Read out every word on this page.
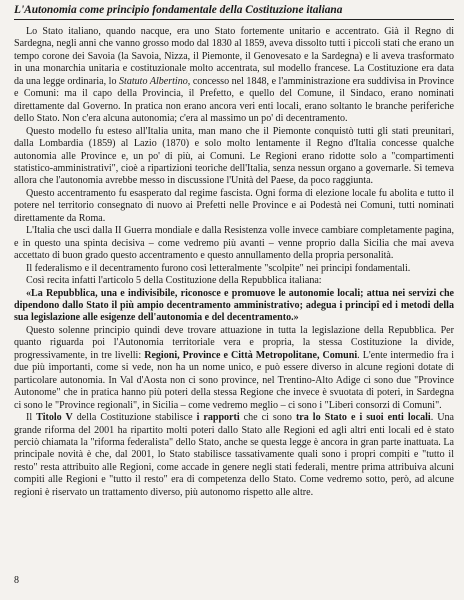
L'Autonomia come principio fondamentale della Costituzione italiana

Lo Stato italiano, quando nacque, era uno Stato fortemente unitario e accentrato. Già il Regno di Sardegna, negli anni che vanno grosso modo dal 1830 al 1859, aveva dissolto tutti i piccoli stati che erano un tempo corone dei Savoia (la Savoia, Nizza, il Piemonte, il Genovesato e la Sardegna) e li aveva trasformato in una monarchia unitaria e costituzionale molto accentrata, sul modello francese. La Costituzione era data da una legge ordinaria, lo Statuto Albertino, concesso nel 1848, e l'amministrazione era suddivisa in Province e Comuni: ma il capo della Provincia, il Prefetto, e quello del Comune, il Sindaco, erano nominati direttamente dal Governo. In pratica non erano ancora veri enti locali, erano soltanto le branche periferiche dello Stato. Non c'era alcuna autonomia; c'era al massimo un po' di decentramento.

Questo modello fu esteso all'Italia unita, man mano che il Piemonte conquistò tutti gli stati preunitari, dalla Lombardia (1859) al Lazio (1870) e solo molto lentamente il Regno d'Italia concesse qualche autonomia alle Province e, un po' di più, ai Comuni. Le Regioni erano ridotte solo a "compartimenti statistico-amministrativi", cioè a ripartizioni teoriche dell'Italia, senza nessun organo a governarle. Si temeva allora che l'autonomia avrebbe messo in discussione l'Unità del Paese, da poco raggiunta.

Questo accentramento fu esasperato dal regime fascista. Ogni forma di elezione locale fu abolita e tutto il potere nel territorio consegnato di nuovo ai Prefetti nelle Province e ai Podestà nei Comuni, tutti nominati direttamente da Roma.

L'Italia che uscì dalla II Guerra mondiale e dalla Resistenza volle invece cambiare completamente pagina, e in questo una spinta decisiva – come vedremo più avanti – venne proprio dalla Sicilia che mai aveva accettato di buon grado questo accentramento e questo annullamento della propria personalità.

Il federalismo e il decentramento furono così letteralmente "scolpite" nei principi fondamentali.

Così recita infatti l'articolo 5 della Costituzione della Repubblica italiana:

«La Repubblica, una e indivisibile, riconosce e promuove le autonomie locali; attua nei servizi che dipendono dallo Stato il più ampio decentramento amministrativo; adegua i principî ed i metodi della sua legislazione alle esigenze dell'autonomia e del decentramento.»

Questo solenne principio quindi deve trovare attuazione in tutta la legislazione della Repubblica. Per quanto riguarda poi l'Autonomia territoriale vera e propria, la stessa Costituzione la divide, progressivamente, in tre livelli: Regioni, Province e Città Metropolitane, Comuni. L'ente intermedio fra i due più importanti, come si vede, non ha un nome unico, e può essere diverso in alcune regioni dotate di particolare autonomia. In Val d'Aosta non ci sono province, nel Trentino-Alto Adige ci sono due "Province Autonome" che in pratica hanno più poteri della stessa Regione che invece è svuotata di poteri, in Sardegna ci sono le "Province regionali", in Sicilia – come vedremo meglio – ci sono i "Liberi consorzi di Comuni".

Il Titolo V della Costituzione stabilisce i rapporti che ci sono tra lo Stato e i suoi enti locali. Una grande riforma del 2001 ha ripartito molti poteri dallo Stato alle Regioni ed agli altri enti locali ed è stato perciò chiamata la "riforma federalista" dello Stato, anche se questa legge è ancora in gran parte inattuata. La principale novità è che, dal 2001, lo Stato stabilisce tassativamente quali sono i propri compiti e "tutto il resto" resta attribuito alle Regioni, come accade in genere negli stati federali, mentre prima attribuiva alcuni compiti alle Regioni e "tutto il resto" era di competenza dello Stato. Come vedremo sotto, però, ad alcune regioni è riservato un trattamento diverso, più autonomo rispetto alle altre.

8
